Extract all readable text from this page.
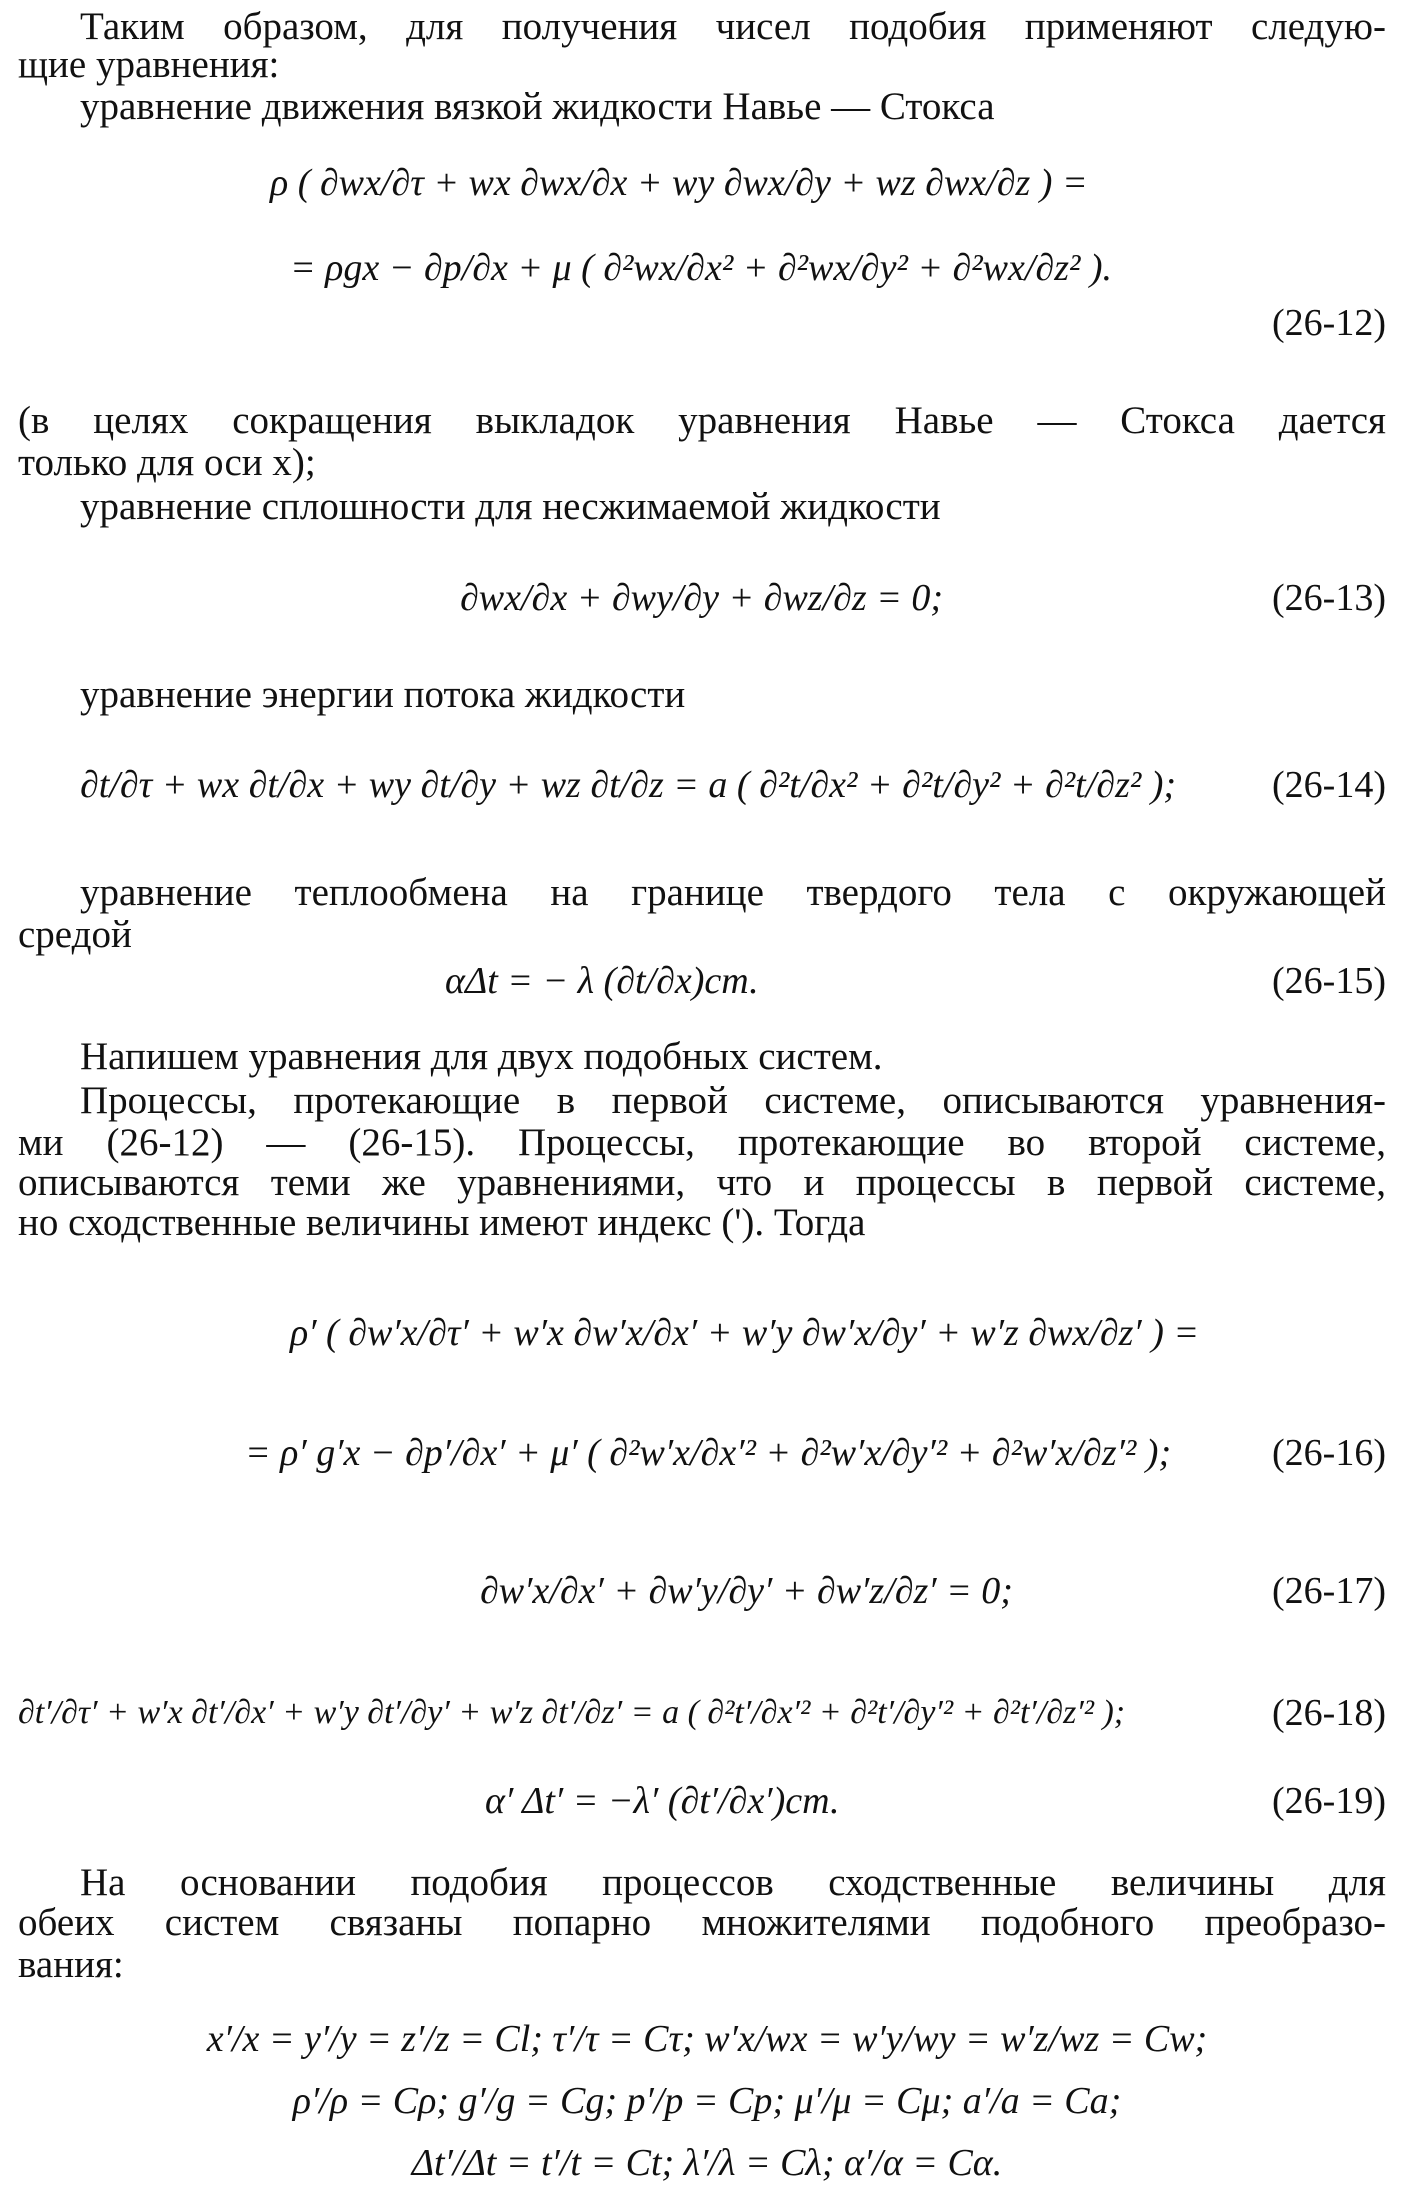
Таким образом, для получения чисел подобия применяют следую-
щие уравнения:
уравнение движения вязкой жидкости Навье — Стокса
ρ ( ∂wx/∂τ + wx ∂wx/∂x + wy ∂wx/∂y + wz ∂wx/∂z ) =
= ρgx − ∂p/∂x + μ ( ∂²wx/∂x² + ∂²wx/∂y² + ∂²wx/∂z² ).
(26-12)
(в целях сокращения выкладок уравнения Навье — Стокса дается
только для оси x);
уравнение сплошности для несжимаемой жидкости
∂wx/∂x + ∂wy/∂y + ∂wz/∂z = 0;	(26-13)
уравнение энергии потока жидкости
∂t/∂τ + wx ∂t/∂x + wy ∂t/∂y + wz ∂t/∂z = a ( ∂²t/∂x² + ∂²t/∂y² + ∂²t/∂z² );	(26-14)
уравнение теплообмена на границе твердого тела с окружающей
средой
αΔt = − λ (∂t/∂x)ст.	(26-15)
Напишем уравнения для двух подобных систем.
Процессы, протекающие в первой системе, описываются уравнения-
ми (26-12) — (26-15). Процессы, протекающие во второй системе,
описываются теми же уравнениями, что и процессы в первой системе,
но сходственные величины имеют индекс ('). Тогда
ρ′ ( ∂w′x/∂τ′ + w′x ∂w′x/∂x′ + w′y ∂w′x/∂y′ + w′z ∂wx/∂z′ ) =
= ρ′ g′x − ∂p′/∂x′ + μ′ ( ∂²w′x/∂x′² + ∂²w′x/∂y′² + ∂²w′x/∂z′² );	(26-16)
∂w′x/∂x′ + ∂w′y/∂y′ + ∂w′z/∂z′ = 0;	(26-17)
∂t′/∂τ′ + w′x ∂t′/∂x′ + w′y ∂t′/∂y′ + w′z ∂t′/∂z′ = a ( ∂²t′/∂x′² + ∂²t′/∂y′² + ∂²t′/∂z′² );	(26-18)
α′ Δt′ = −λ′ (∂t′/∂x′)ст.	(26-19)
На основании подобия процессов сходственные величины для
обеих систем связаны попарно множителями подобного преобразо-
вания:
x′/x = y′/y = z′/z = Cl; τ′/τ = Cτ; w′x/wx = w′y/wy = w′z/wz = Cw;
ρ′/ρ = Cρ; g′/g = Cg; p′/p = Cp; μ′/μ = Cμ; a′/a = Ca;
Δt′/Δt = t′/t = Ct; λ′/λ = Cλ; α′/α = Cα.
